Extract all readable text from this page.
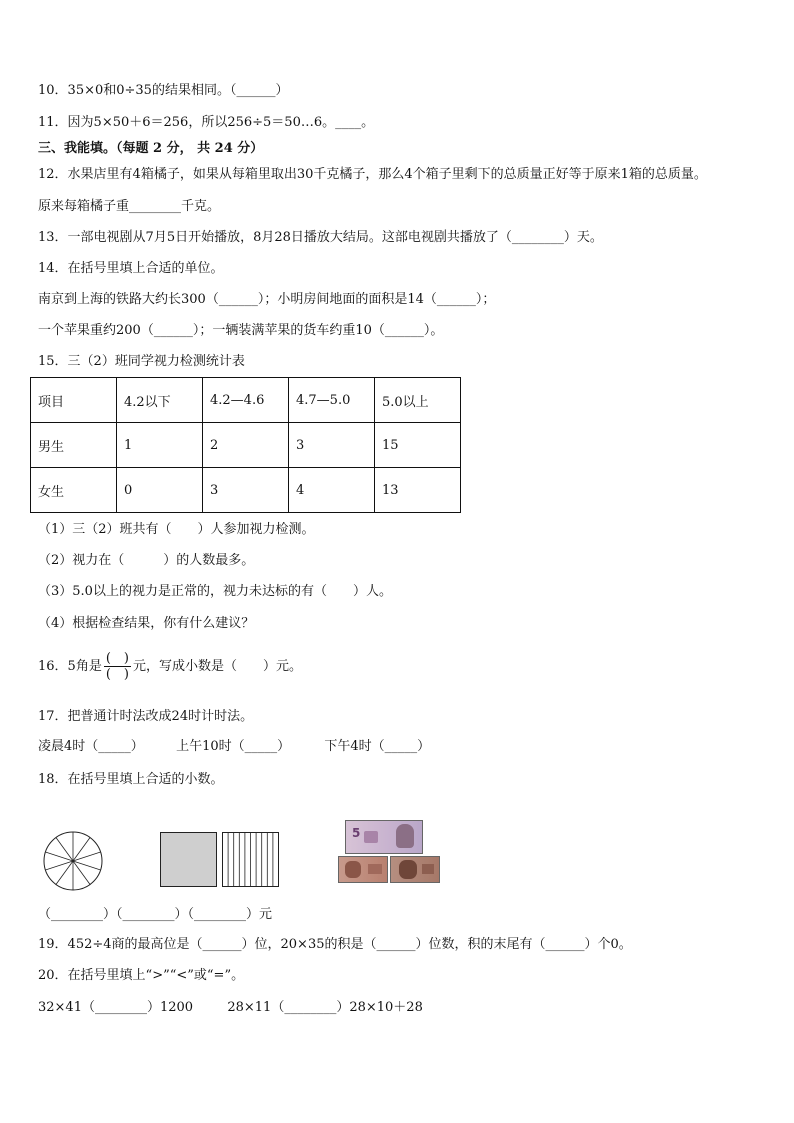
10．35×0和0÷35的结果相同。（______）
11．因为5×50＋6＝256，所以256÷5＝50…6。____。
三、我能填。（每题 2 分， 共 24 分）
12．水果店里有4箱橘子，如果从每箱里取出30千克橘子，那么4个箱子里剩下的总质量正好等于原来1箱的总质量。
原来每箱橘子重________千克。
13．一部电视剧从7月5日开始播放，8月28日播放大结局。这部电视剧共播放了（________）天。
14．在括号里填上合适的单位。
南京到上海的铁路大约长300（______）；小明房间地面的面积是14（______）；
一个苹果重约200（______）；一辆装满苹果的货车约重10（______）。
15．三（2）班同学视力检测统计表
项目	4.2以下	4.2—4.6	4.7—5.0	5.0以上
男生	1	2	3	15
女生	0	3	4	13
（1）三（2）班共有（　　）人参加视力检测。
（2）视力在（　　　）的人数最多。
（3）5.0以上的视力是正常的，视力未达标的有（　　）人。
（4）根据检查结果，你有什么建议？
16．5角是 $\frac{( )}{( )}$ 元，写成小数是（　　）元。
17．把普通计时法改成24时计时法。
凌晨4时（_____） 上午10时（_____）	下午4时（_____）
18．在括号里填上合适的小数。
5
（________）（________）（________）元
19．452÷4商的最高位是（______）位，20×35的积是（______）位数，积的末尾有（______）个0。
20．在括号里填上“>”“<”或“=”。
32×41（________）1200	28×11（________）28×10＋28
